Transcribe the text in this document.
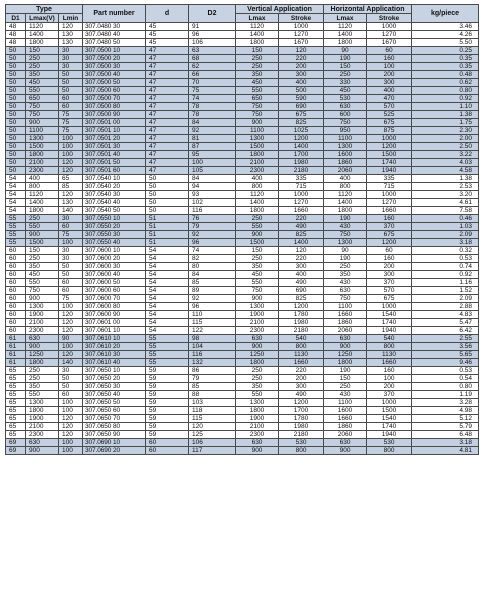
Type			Part number	d	D2	Vertical Application		Horizontal Application		kg/piece
D1	Lmax(V)	Lmin				Lmax	Stroke	Lmax	Stroke	
48	1120	120	307.0480 30	45	91	1120	1000	1120	1000	3.46
48	1400	130	307.0480 40	45	96	1400	1270	1400	1270	4.26
48	1800	130	307.0480 50	45	106	1800	1670	1800	1670	5.50
50	150	30	307.0500 10	47	63	150	120	90	60	0.25
50	250	30	307.0500 20	47	68	250	220	190	160	0.35
50	250	30	307.0500 30	47	62	250	200	150	100	0.35
50	350	50	307.0500 40	47	66	350	300	250	200	0.48
50	450	50	307.0500 50	47	70	450	400	330	300	0.62
50	550	50	307.0500 60	47	75	550	500	450	400	0.80
50	650	60	307.0500 70	47	74	650	590	530	470	0.92
50	750	60	307.0500 80	47	78	750	690	630	570	1.10
50	750	75	307.0500 90	47	78	750	675	600	525	1.38
50	900	75	307.0501 00	47	84	900	825	750	675	1.75
50	1100	75	307.0501 10	47	92	1100	1025	950	875	2.30
50	1300	100	307.0501 20	47	81	1300	1200	1100	1000	2.00
50	1500	100	307.0501 30	47	87	1500	1400	1300	1200	2.50
50	1800	100	307.0501 40	47	95	1800	1700	1600	1500	3.22
50	2100	120	307.0501 50	47	100	2100	1980	1860	1740	4.03
50	2300	120	307.0501 60	47	105	2300	2180	2060	1940	4.58
54	400	65	307.0540 10	50	84	400	335	400	335	1.38
54	800	85	307.0540 20	50	94	800	715	800	715	2.53
54	1120	120	307.0540 30	50	93	1120	1000	1120	1000	3.20
54	1400	130	307.0540 40	50	102	1400	1270	1400	1270	4.61
54	1800	140	307.0540 50	50	116	1800	1660	1800	1660	7.58
55	250	30	307.0550 10	51	76	250	220	190	160	0.46
55	550	60	307.0550 20	51	79	550	490	430	370	1.03
55	900	75	307.0550 30	51	92	900	825	750	675	2.09
55	1500	100	307.0550 40	51	96	1500	1400	1300	1200	3.18
60	150	30	307.0600 10	54	74	150	120	90	60	0.32
60	250	30	307.0600 20	54	82	250	220	190	160	0.53
60	350	50	307.0600 30	54	80	350	300	250	200	0.74
60	450	50	307.0600 40	54	84	450	400	350	300	0.92
60	550	60	307.0600 50	54	85	550	490	430	370	1.16
60	750	60	307.0600 60	54	89	750	690	630	570	1.52
60	900	75	307.0600 70	54	92	900	825	750	675	2.09
60	1300	100	307.0600 80	54	96	1300	1200	1100	1000	2.88
60	1900	120	307.0600 90	54	110	1900	1780	1660	1540	4.83
60	2100	120	307.0601 00	54	115	2100	1980	1860	1740	5.47
60	2300	120	307.0601 10	54	122	2300	2180	2060	1940	6.42
61	630	90	307.0610 10	55	98	630	540	630	540	2.55
61	900	100	307.0610 20	55	104	900	800	900	800	3.56
61	1250	120	307.0610 30	55	116	1250	1130	1250	1130	5.65
61	1800	140	307.0610 40	55	132	1800	1660	1800	1660	9.46
65	250	30	307.0650 10	59	86	250	220	190	160	0.53
65	250	50	307.0650 20	59	79	250	200	150	100	0.54
65	350	50	307.0650 30	59	85	350	300	250	200	0.80
65	550	60	307.0650 40	59	88	550	490	430	370	1.19
65	1300	100	307.0650 50	59	103	1300	1200	1100	1000	3.28
65	1800	100	307.0650 60	59	118	1800	1700	1600	1500	4.98
65	1900	120	307.0650 70	59	115	1900	1780	1660	1540	5.12
65	2100	120	307.0650 80	59	120	2100	1980	1860	1740	5.79
65	2300	120	307.0650 90	59	125	2300	2180	2060	1940	6.48
69	630	100	307.0690 10	60	106	630	530	630	530	3.18
69	900	100	307.0690 20	60	117	900	800	900	800	4.81
